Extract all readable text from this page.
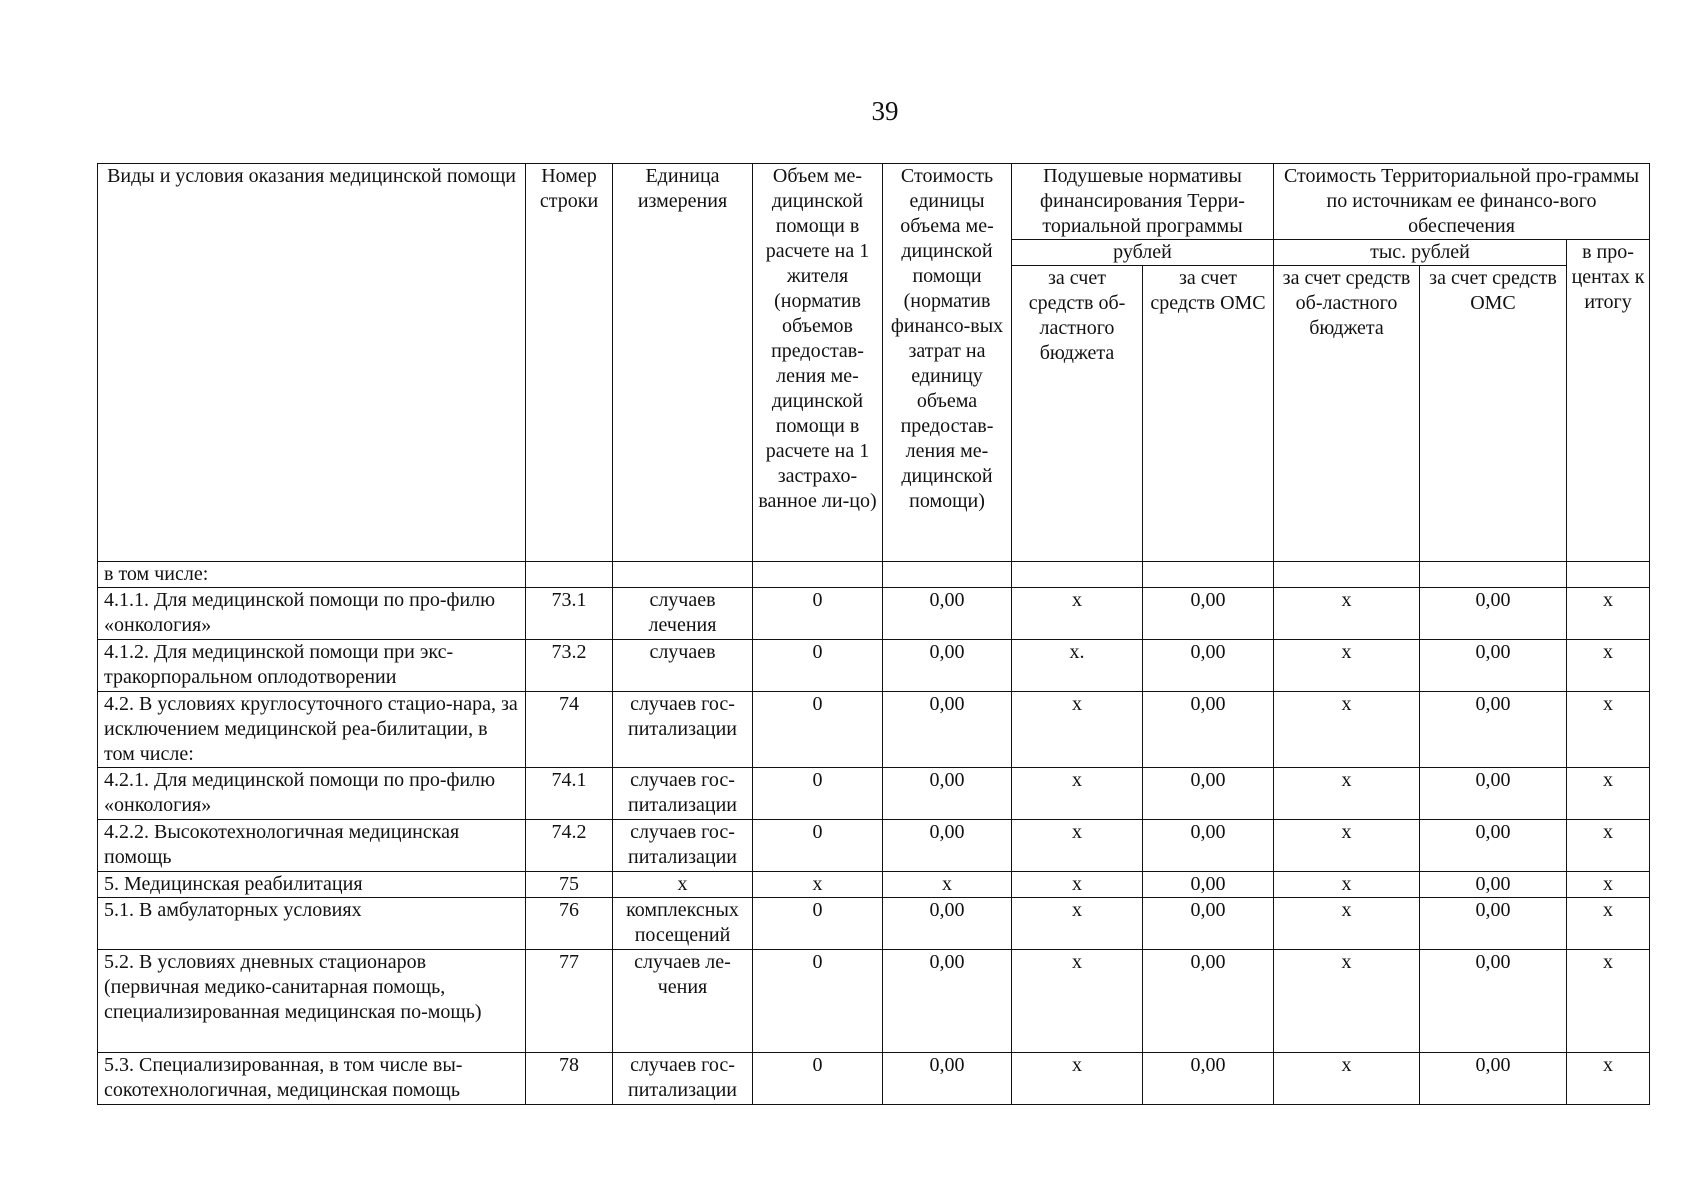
39
Виды и условия оказания медицинской помощи	Номер строки	Единица измерения	Объем ме-дицинской помощи в расчете на 1 жителя (норматив объемов предостав-ления ме-дицинской помощи в расчете на 1 застрахо-ванное ли-цо)	Стоимость единицы объема ме-дицинской помощи (норматив финансо-вых затрат на единицу объема предостав-ления ме-дицинской помощи)	Подушевые нормативы финансирования Терри-ториальной программы		Стоимость Территориальной про-граммы по источникам ее финансо-вого обеспечения		
					рублей		тыс. рублей		в про-центах к итогу
					за счет средств об-ластного бюджета	за счет средств ОМС	за счет средств об-ластного бюджета	за счет средств ОМС	
в том числе:									
4.1.1. Для медицинской помощи по про-филю «онкология»	73.1	случаев лечения	0	0,00	х	0,00	х	0,00	х
4.1.2. Для медицинской помощи при экс-тракорпоральном оплодотворении	73.2	случаев	0	0,00	х.	0,00	х	0,00	х
4.2. В условиях круглосуточного стацио-нара, за исключением медицинской реа-билитации, в том числе:	74	случаев гос-питализации	0	0,00	х	0,00	х	0,00	х
4.2.1. Для медицинской помощи по про-филю «онкология»	74.1	случаев гос-питализации	0	0,00	х	0,00	х	0,00	х
4.2.2. Высокотехнологичная медицинская помощь	74.2	случаев гос-питализации	0	0,00	х	0,00	х	0,00	х
5. Медицинская реабилитация	75	х	х	х	х	0,00	х	0,00	х
5.1. В амбулаторных условиях	76	комплексных посещений	0	0,00	х	0,00	х	0,00	х
5.2. В условиях дневных стационаров (первичная медико-санитарная помощь, специализированная медицинская по-мощь)	77	случаев ле-чения	0	0,00	х	0,00	х	0,00	х
5.3. Специализированная, в том числе вы-сокотехнологичная, медицинская помощь	78	случаев гос-питализации	0	0,00	х	0,00	х	0,00	х
